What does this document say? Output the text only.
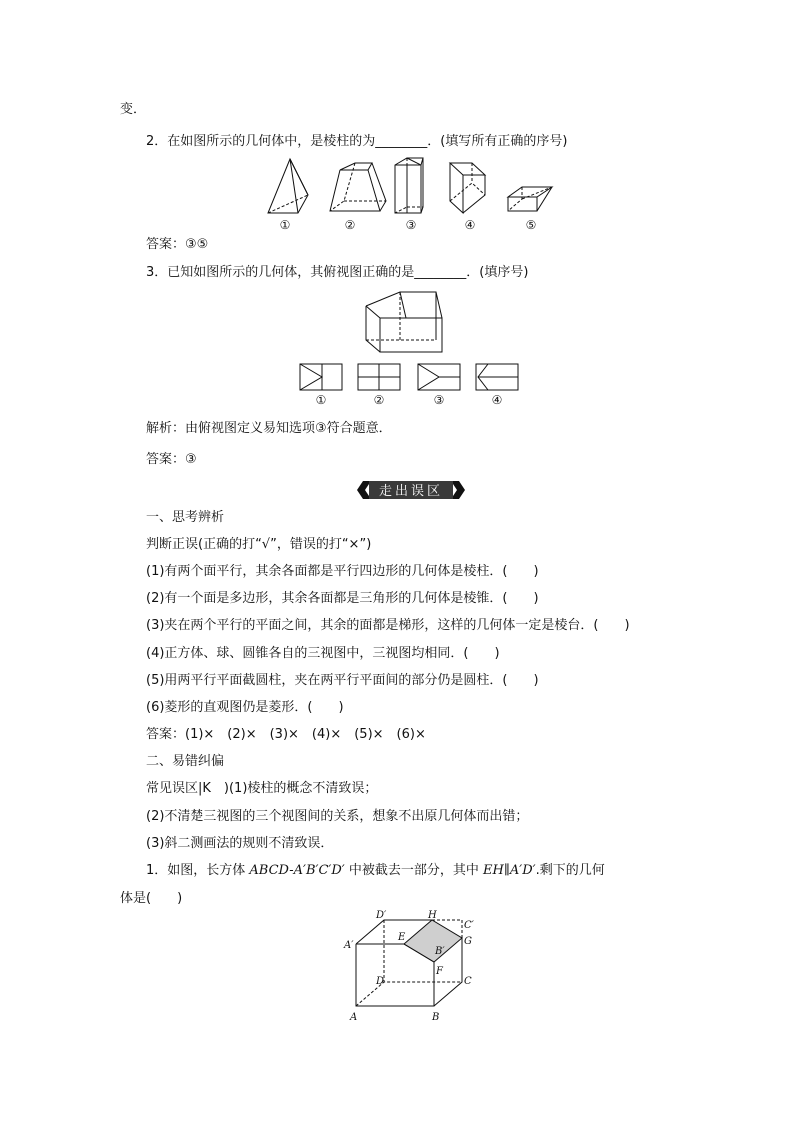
变．
2．在如图所示的几何体中，是棱柱的为________．(填写所有正确的序号)
①	②	③	④	⑤
答案：③⑤
3．已知如图所示的几何体，其俯视图正确的是________．(填序号)
①	②	③	④
解析：由俯视图定义易知选项③符合题意．
答案：③
走出误区
一、思考辨析
判断正误(正确的打“√”，错误的打“×”)
(1)有两个面平行，其余各面都是平行四边形的几何体是棱柱．(　　)
(2)有一个面是多边形，其余各面都是三角形的几何体是棱锥．(　　)
(3)夹在两个平行的平面之间，其余的面都是梯形，这样的几何体一定是棱台．(　　)
(4)正方体、球、圆锥各自的三视图中，三视图均相同．(　　)
(5)用两平行平面截圆柱，夹在两平行平面间的部分仍是圆柱．(　　)
(6)菱形的直观图仍是菱形．(　　)
答案：(1)×　(2)×　(3)×　(4)×　(5)×　(6)×
二、易错纠偏
常见误区|K　)(1)棱柱的概念不清致误；
(2)不清楚三视图的三个视图间的关系，想象不出原几何体而出错；
(3)斜二测画法的规则不清致误．
1．如图，长方体 ABCD-A′B′C′D′ 中被截去一部分，其中 EH∥A′D′.剩下的几何
体是(　　)
D′	H
C′
A′
E
B′
G
F
D	C
A	B
